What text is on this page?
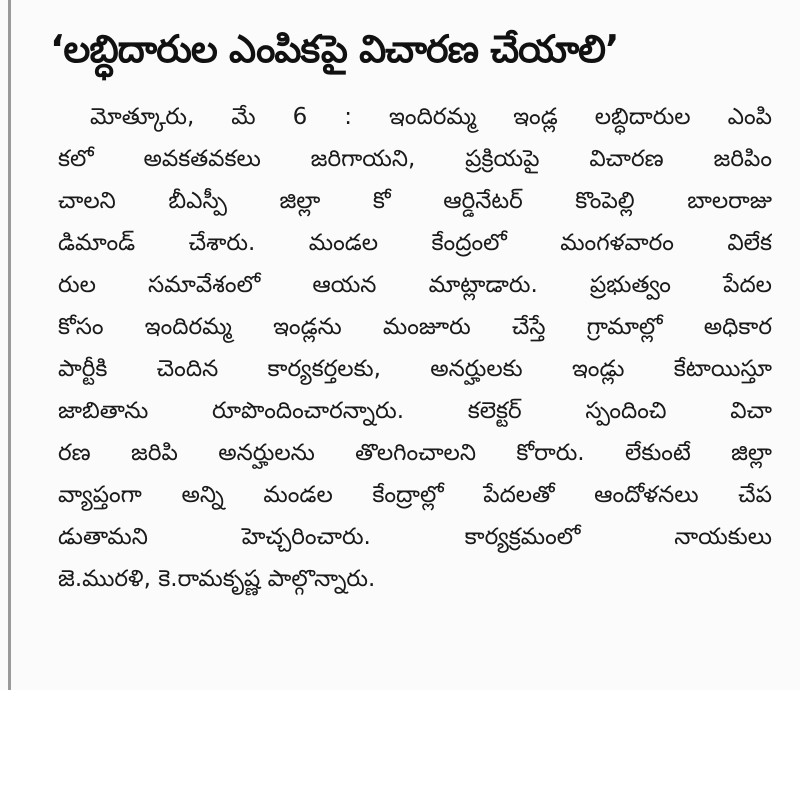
‘లబ్ధిదారుల ఎంపికపై విచారణ చేయాలి’
మోత్కూరు, మే 6 : ఇందిరమ్మ ఇండ్ల లబ్ధిదారుల ఎంపి
కలో అవకతవకలు జరిగాయని, ప్రక్రియపై విచారణ జరిపిం
చాలని బీఎస్పీ జిల్లా కో ఆర్డినేటర్ కొంపెల్లి బాలరాజు
డిమాండ్ చేశారు. మండల కేంద్రంలో మంగళవారం విలేక
రుల సమావేశంలో ఆయన మాట్లాడారు. ప్రభుత్వం పేదల
కోసం ఇందిరమ్మ ఇండ్లను మంజూరు చేస్తే గ్రామాల్లో అధికార
పార్టీకి చెందిన కార్యకర్తలకు, అనర్హులకు ఇండ్లు కేటాయిస్తూ
జాబితాను రూపొందించారన్నారు. కలెక్టర్ స్పందించి విచా
రణ జరిపి అనర్హులను తొలగించాలని కోరారు. లేకుంటే జిల్లా
వ్యాప్తంగా అన్ని మండల కేంద్రాల్లో పేదలతో ఆందోళనలు చేప
డుతామని హెచ్చరించారు. కార్యక్రమంలో నాయకులు
జె.మురళి, కె.రామకృష్ణ పాల్గొన్నారు.
